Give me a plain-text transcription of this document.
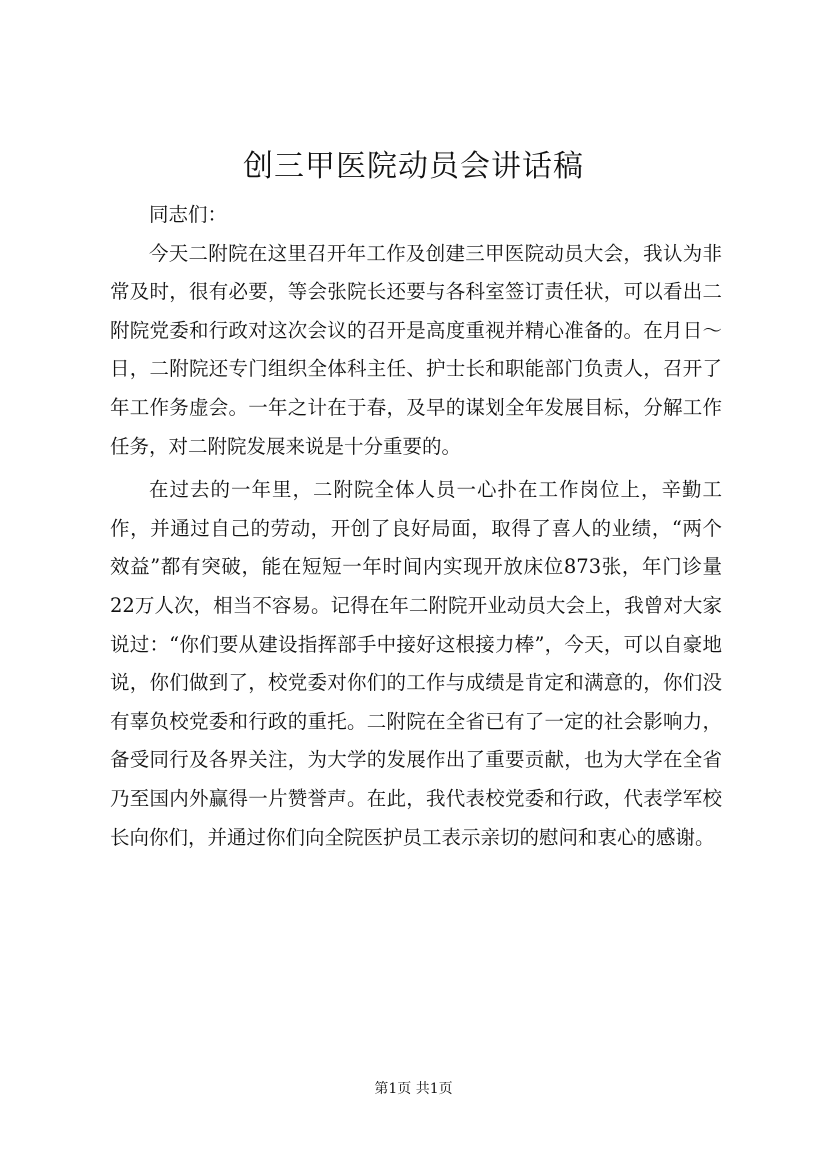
创三甲医院动员会讲话稿

同志们：

今天二附院在这里召开年工作及创建三甲医院动员大会，我认为非常及时，很有必要，等会张院长还要与各科室签订责任状，可以看出二附院党委和行政对这次会议的召开是高度重视并精心准备的。在月日～日，二附院还专门组织全体科主任、护士长和职能部门负责人，召开了年工作务虚会。一年之计在于春，及早的谋划全年发展目标，分解工作任务，对二附院发展来说是十分重要的。

在过去的一年里，二附院全体人员一心扑在工作岗位上，辛勤工作，并通过自己的劳动，开创了良好局面，取得了喜人的业绩，“两个效益”都有突破，能在短短一年时间内实现开放床位873张，年门诊量22万人次，相当不容易。记得在年二附院开业动员大会上，我曾对大家说过：“你们要从建设指挥部手中接好这根接力棒”，今天，可以自豪地说，你们做到了，校党委对你们的工作与成绩是肯定和满意的，你们没有辜负校党委和行政的重托。二附院在全省已有了一定的社会影响力，备受同行及各界关注，为大学的发展作出了重要贡献，也为大学在全省乃至国内外赢得一片赞誉声。在此，我代表校党委和行政，代表学军校长向你们，并通过你们向全院医护员工表示亲切的慰问和衷心的感谢。

第1页 共1页
